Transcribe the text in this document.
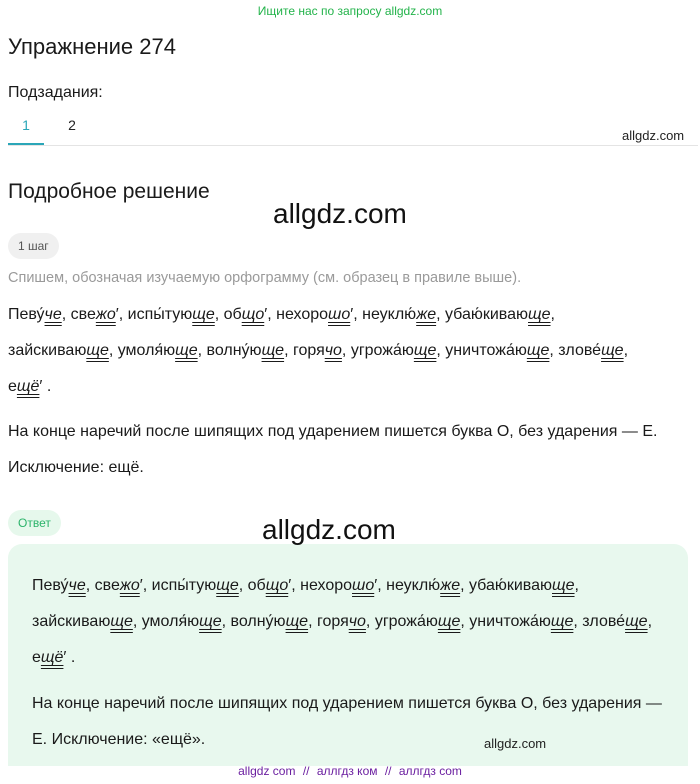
Ищите нас по запросу allgdz.com
Упражнение 274
Подзадания:
1	2
allgdz.com
Подробное решение
allgdz.com
1 шаг
Спишем, обозначая изучаемую орфограмму (см. образец в правиле выше).
Певу́че, свежо′, испы́тующе, общо′, нехорошо′, неуклю́же, убаю́кивающе, зайскивающе, умоля́юще, волну́юще, горячо, угрожа́юще, уничтожа́юще, злове́ще, ещё′ .
На конце наречий после шипящих под ударением пишется буква О, без ударения — Е. Исключение: ещё.
Ответ	allgdz.com
Певу́че, свежо′, испы́тующе, общо′, нехорошо′, неуклю́же, убаю́кивающе, зайскивающе, умоля́юще, волну́юще, горячо, угрожа́юще, уничтожа́юще, злове́ще, ещё′ .
На конце наречий после шипящих под ударением пишется буква О, без ударения — Е. Исключение: «ещё».	allgdz.com
allgdz com // аллгдз ком // аллгдз com
